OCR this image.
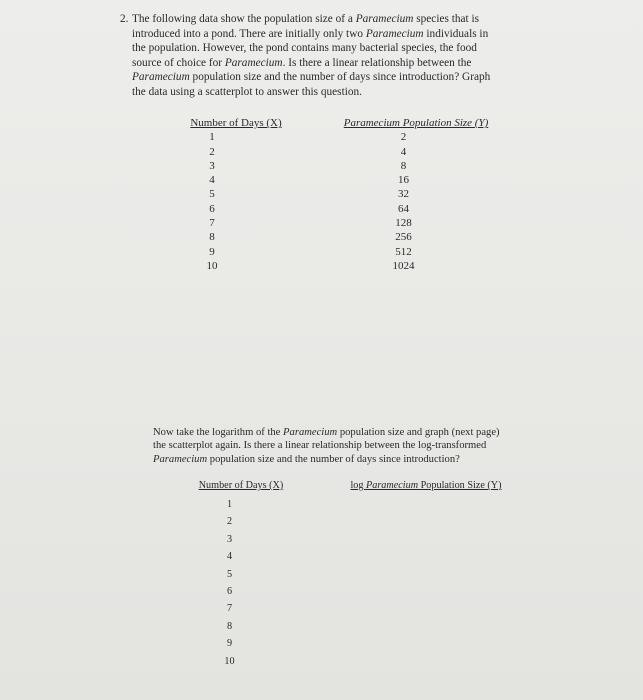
2. The following data show the population size of a Paramecium species that is
introduced into a pond. There are initially only two Paramecium individuals in
the population. However, the pond contains many bacterial species, the food
source of choice for Paramecium. Is there a linear relationship between the
Paramecium population size and the number of days since introduction? Graph
the data using a scatterplot to answer this question.

Number of Days (X)
1
2
3
4
5
6
7
8
9
10
Paramecium Population Size (Y)
2
4
8
16
32
64
128
256
512
1024

Now take the logarithm of the Paramecium population size and graph (next page)
the scatterplot again. Is there a linear relationship between the log-transformed
Paramecium population size and the number of days since introduction?

Number of Days (X)
1
2
3
4
5
6
7
8
9
10
log Paramecium Population Size (Y)
